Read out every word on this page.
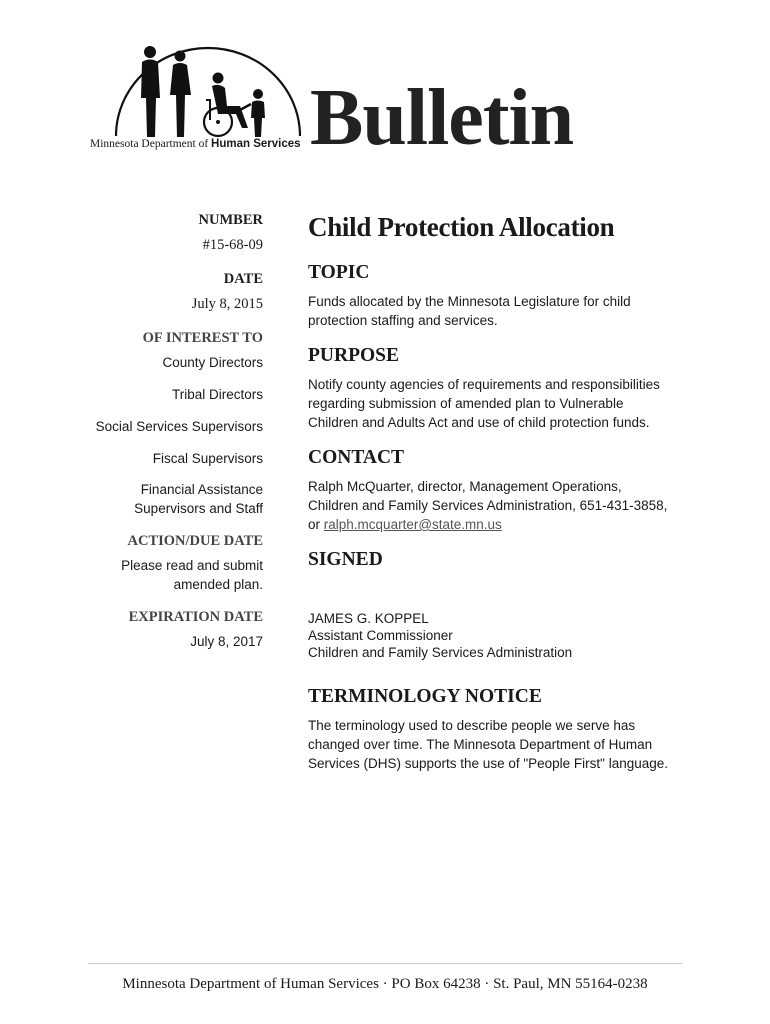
Minnesota Department of Human Services Bulletin
NUMBER
#15-68-09
DATE
July 8, 2015
OF INTEREST TO
County Directors
Tribal Directors
Social Services Supervisors
Fiscal Supervisors
Financial Assistance
Supervisors and Staff
ACTION/DUE DATE
Please read and submit
amended plan.
EXPIRATION DATE
July 8, 2017
Child Protection Allocation
TOPIC
Funds allocated by the Minnesota Legislature for child
protection staffing and services.
PURPOSE
Notify county agencies of requirements and responsibilities
regarding submission of amended plan to Vulnerable
Children and Adults Act and use of child protection funds.
CONTACT
Ralph McQuarter, director, Management Operations,
Children and Family Services Administration, 651-431-3858,
or ralph.mcquarter@state.mn.us
SIGNED
JAMES G. KOPPEL
Assistant Commissioner
Children and Family Services Administration
TERMINOLOGY NOTICE
The terminology used to describe people we serve has
changed over time. The Minnesota Department of Human
Services (DHS) supports the use of "People First" language.
Minnesota Department of Human Services · PO Box 64238 · St. Paul, MN 55164-0238
